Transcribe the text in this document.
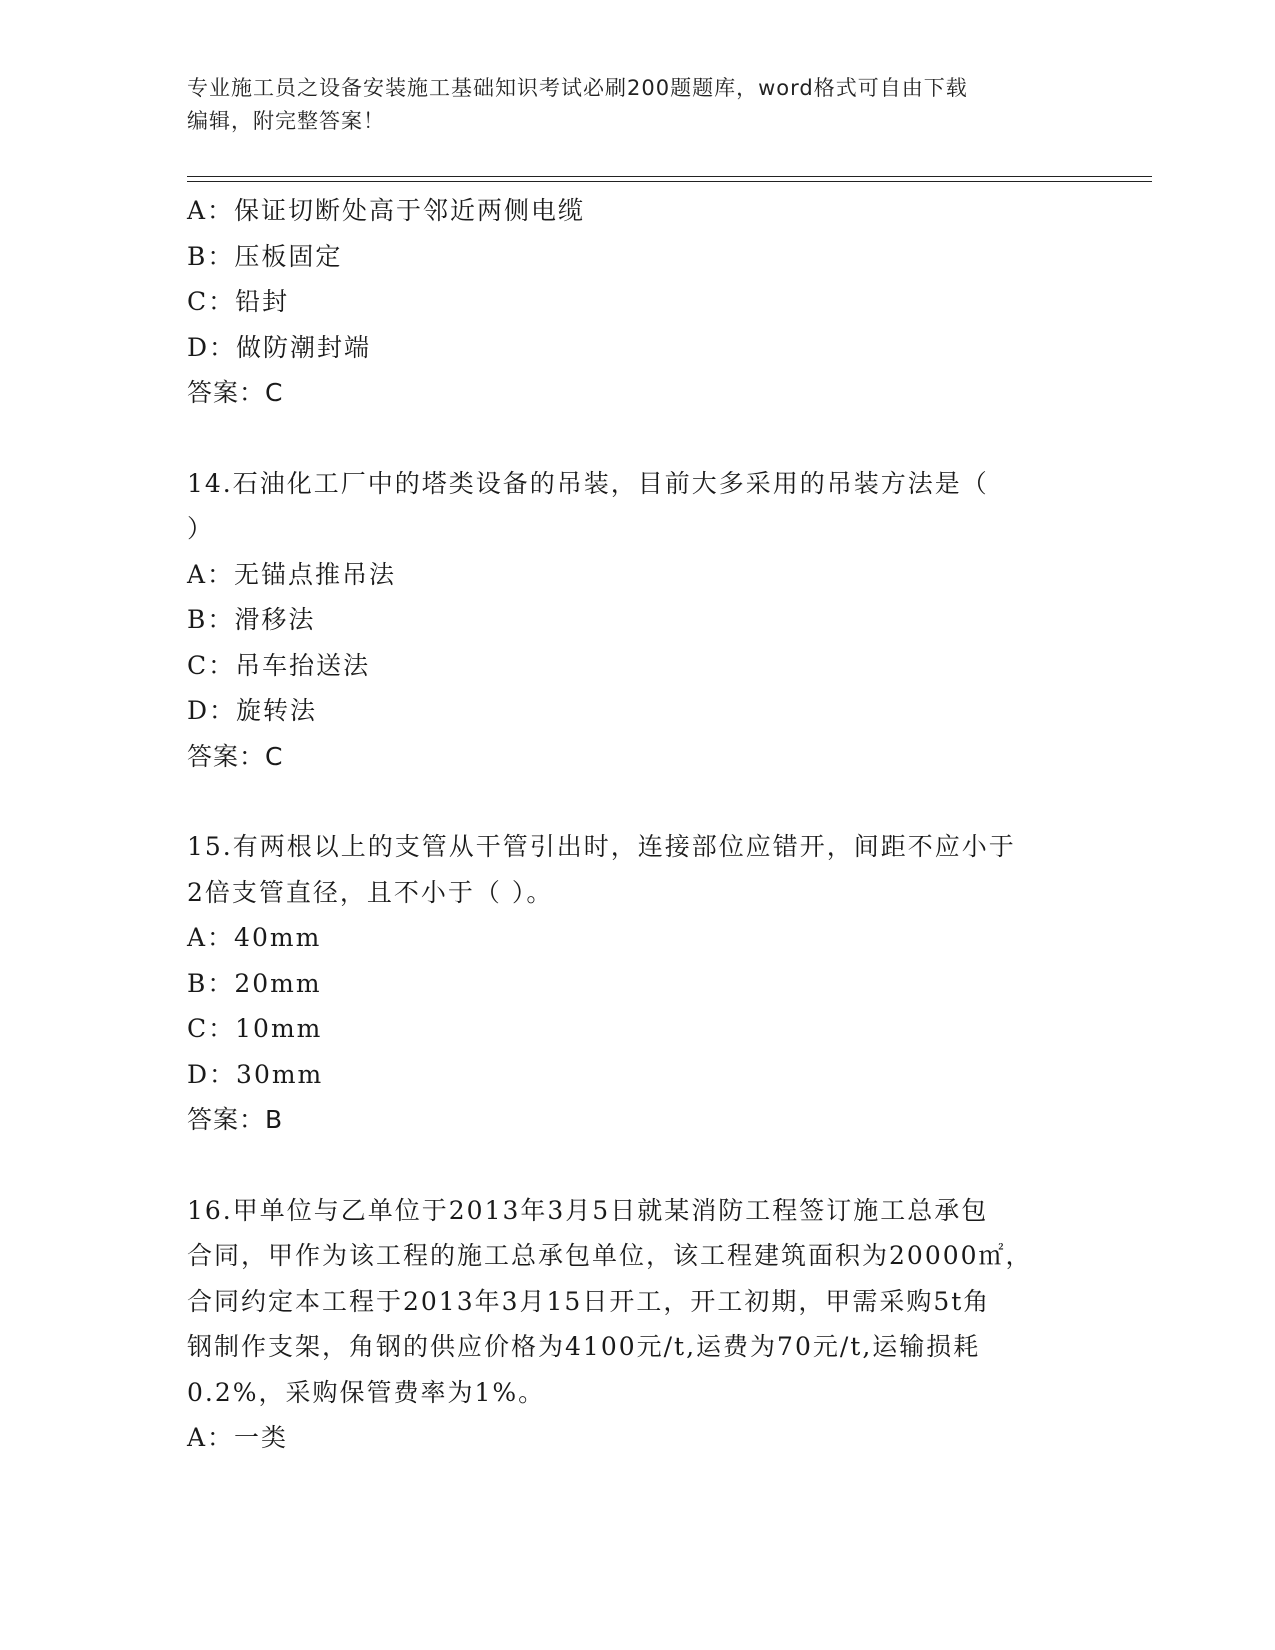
专业施工员之设备安装施工基础知识考试必刷200题题库，word格式可自由下载
编辑，附完整答案！
A：保证切断处高于邻近两侧电缆
B：压板固定
C：铅封
D：做防潮封端
答案：C
14.石油化工厂中的塔类设备的吊装，目前大多采用的吊装方法是（
）
A：无锚点推吊法
B：滑移法
C：吊车抬送法
D：旋转法
答案：C
15.有两根以上的支管从干管引出时，连接部位应错开，间距不应小于
2倍支管直径，且不小于（ ）。
A：40mm
B：20mm
C：10mm
D：30mm
答案：B
16.甲单位与乙单位于2013年3月5日就某消防工程签订施工总承包
合同，甲作为该工程的施工总承包单位，该工程建筑面积为20000㎡，
合同约定本工程于2013年3月15日开工，开工初期，甲需采购5t角
钢制作支架，角钢的供应价格为4100元/t,运费为70元/t,运输损耗
0.2%，采购保管费率为1%。
A：一类
